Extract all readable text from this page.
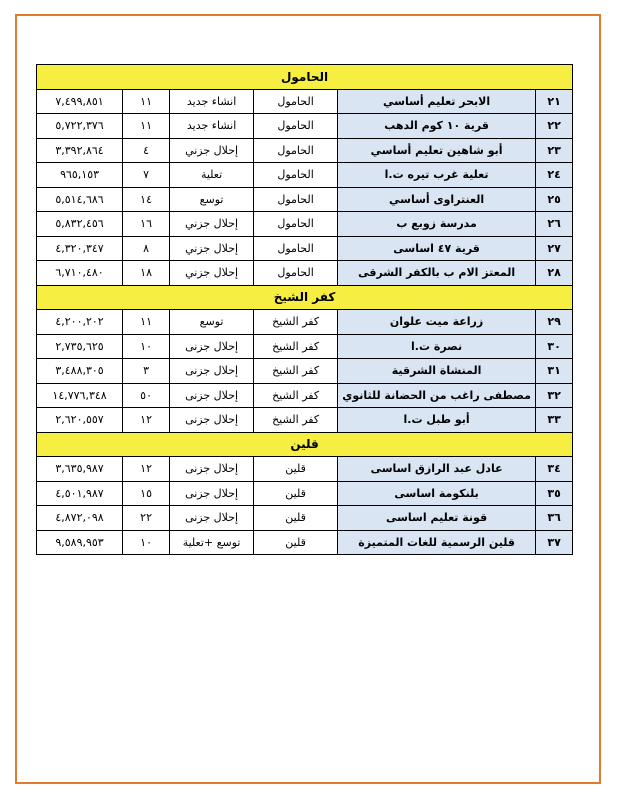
الحامول					
٢١	الابحر تعليم أساسي	الحامول	انشاء جديد	١١	٧,٤٩٩,٨٥١
٢٢	قرية ١٠ كوم الدهب	الحامول	انشاء جديد	١١	٥,٧٢٢,٣٧٦
٢٣	أبو شاهين تعليم أساسي	الحامول	إحلال جزني	٤	٣,٣٩٢,٨٦٤
٢٤	تعلية غرب تيره ت.ا	الحامول	تعلية	٧	٩٦٥,١٥٣
٢٥	العنتراوى أساسي	الحامول	توسع	١٤	٥,٥١٤,٦٨٦
٢٦	مدرسة زوبع ب	الحامول	إحلال جزني	١٦	٥,٨٣٢,٤٥٦
٢٧	قرية ٤٧ اساسى	الحامول	إحلال جزني	٨	٤,٣٢٠,٣٤٧
٢٨	المعتز الام ب بالكفر الشرقى	الحامول	إحلال جزني	١٨	٦,٧١٠,٤٨٠
كفر الشيخ					
٢٩	زراعة ميت علوان	كفر الشيخ	توسع	١١	٤,٢٠٠,٢٠٢
٣٠	نصرة ت.ا	كفر الشيخ	إحلال جزنى	١٠	٢,٧٣٥,٦٢٥
٣١	المنشاة الشرقية	كفر الشيخ	إحلال جزنى	٣	٣,٤٨٨,٣٠٥
٣٢	مصطفى راغب من الحضانة للثانوي	كفر الشيخ	إحلال جزنى	٥٠	١٤,٧٧٦,٣٤٨
٣٣	أبو طبل ت.ا	كفر الشيخ	إحلال جزنى	١٢	٢,٦٢٠,٥٥٧
قلين					
٣٤	عادل عبد الرازق اساسى	قلين	إحلال جزنى	١٢	٣,٦٣٥,٩٨٧
٣٥	بلنكومة اساسى	قلين	إحلال جزنى	١٥	٤,٥٠١,٩٨٧
٣٦	قونة تعليم اساسى	قلين	إحلال جزنى	٢٢	٤,٨٧٢,٠٩٨
٣٧	قلين الرسمية للغات المتميزة	قلين	توسع +تعلية	١٠	٩,٥٨٩,٩٥٣
